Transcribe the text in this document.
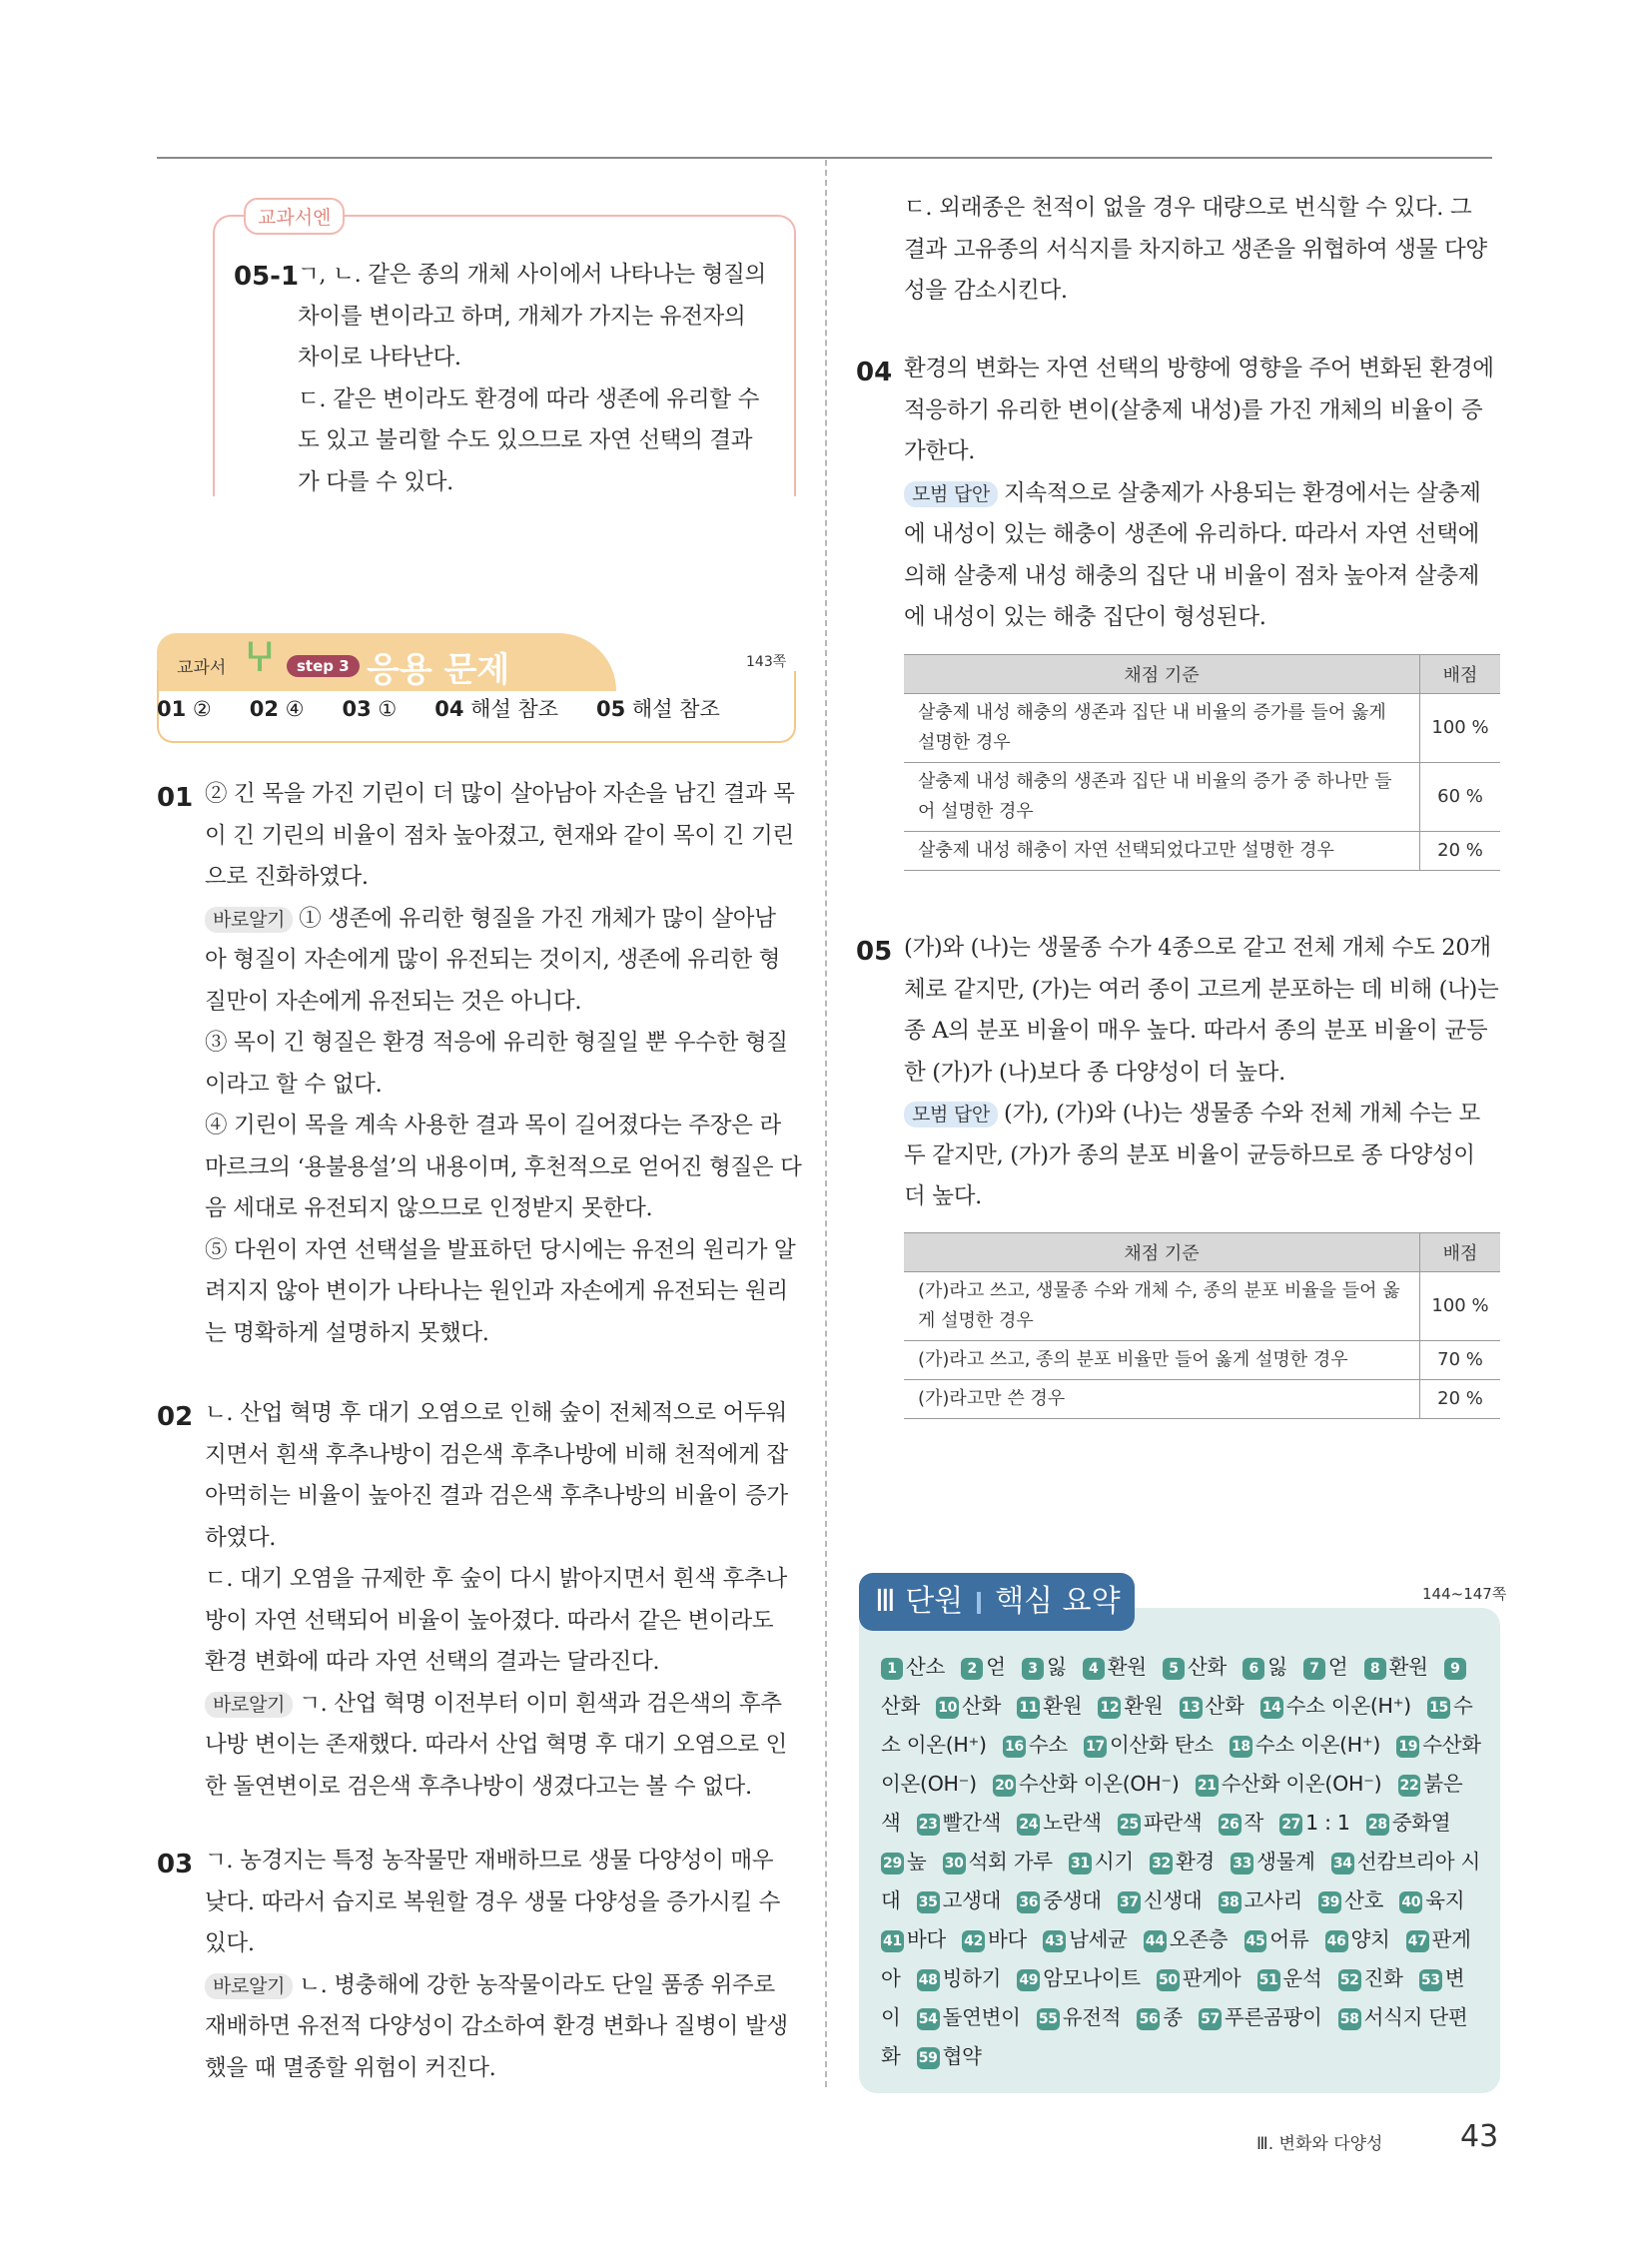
교과서엔
05-1

ㄱ, ㄴ. 같은 종의 개체 사이에서 나타나는 형질의

차이를 변이라고 하며, 개체가 가지는 유전자의

차이로 나타난다.

ㄷ. 같은 변이라도 환경에 따라 생존에 유리할 수

도 있고 불리할 수도 있으므로 자연 선택의 결과

가 다를 수 있다.

교과서 ⵖ	step 3 응용 문제	143쪽
01 ② 02 ④ 03 ① 04 해설 참조 05 해설 참조
01 ② 긴 목을 가진 기린이 더 많이 살아남아 자손을 남긴 결과 목

이 긴 기린의 비율이 점차 높아졌고, 현재와 같이 목이 긴 기린

으로 진화하였다.

바로알기 ① 생존에 유리한 형질을 가진 개체가 많이 살아남

아 형질이 자손에게 많이 유전되는 것이지, 생존에 유리한 형

질만이 자손에게 유전되는 것은 아니다.

③ 목이 긴 형질은 환경 적응에 유리한 형질일 뿐 우수한 형질

이라고 할 수 없다.

④ 기린이 목을 계속 사용한 결과 목이 길어졌다는 주장은 라

마르크의 ‘용불용설’의 내용이며, 후천적으로 얻어진 형질은 다

음 세대로 유전되지 않으므로 인정받지 못한다.

⑤ 다윈이 자연 선택설을 발표하던 당시에는 유전의 원리가 알

려지지 않아 변이가 나타나는 원인과 자손에게 유전되는 원리

는 명확하게 설명하지 못했다.

02 ㄴ. 산업 혁명 후 대기 오염으로 인해 숲이 전체적으로 어두워

지면서 흰색 후추나방이 검은색 후추나방에 비해 천적에게 잡

아먹히는 비율이 높아진 결과 검은색 후추나방의 비율이 증가

하였다.

ㄷ. 대기 오염을 규제한 후 숲이 다시 밝아지면서 흰색 후추나

방이 자연 선택되어 비율이 높아졌다. 따라서 같은 변이라도

환경 변화에 따라 자연 선택의 결과는 달라진다.

바로알기 ㄱ. 산업 혁명 이전부터 이미 흰색과 검은색의 후추

나방 변이는 존재했다. 따라서 산업 혁명 후 대기 오염으로 인

한 돌연변이로 검은색 후추나방이 생겼다고는 볼 수 없다.

03 ㄱ. 농경지는 특정 농작물만 재배하므로 생물 다양성이 매우

낮다. 따라서 습지로 복원할 경우 생물 다양성을 증가시킬 수

있다.

바로알기 ㄴ. 병충해에 강한 농작물이라도 단일 품종 위주로

재배하면 유전적 다양성이 감소하여 환경 변화나 질병이 발생

했을 때 멸종할 위험이 커진다.

ㄷ. 외래종은 천적이 없을 경우 대량으로 번식할 수 있다. 그

결과 고유종의 서식지를 차지하고 생존을 위협하여 생물 다양

성을 감소시킨다.

04 환경의 변화는 자연 선택의 방향에 영향을 주어 변화된 환경에

적응하기 유리한 변이(살충제 내성)를 가진 개체의 비율이 증

가한다.

모범 답안 지속적으로 살충제가 사용되는 환경에서는 살충제

에 내성이 있는 해충이 생존에 유리하다. 따라서 자연 선택에

의해 살충제 내성 해충의 집단 내 비율이 점차 높아져 살충제

에 내성이 있는 해충 집단이 형성된다.

채점 기준	배점
살충제 내성 해충의 생존과 집단 내 비율의 증가를 들어 옳게 설명한 경우	100 %
살충제 내성 해충의 생존과 집단 내 비율의 증가 중 하나만 들어 설명한 경우	60 %
살충제 내성 해충이 자연 선택되었다고만 설명한 경우	20 %
05 (가)와 (나)는 생물종 수가 4종으로 같고 전체 개체 수도 20개

체로 같지만, (가)는 여러 종이 고르게 분포하는 데 비해 (나)는

종 A의 분포 비율이 매우 높다. 따라서 종의 분포 비율이 균등

한 (가)가 (나)보다 종 다양성이 더 높다.

모범 답안 (가), (가)와 (나)는 생물종 수와 전체 개체 수는 모

두 같지만, (가)가 종의 분포 비율이 균등하므로 종 다양성이

더 높다.

채점 기준	배점
(가)라고 쓰고, 생물종 수와 개체 수, 종의 분포 비율을 들어 옳게 설명한 경우	100 %
(가)라고 쓰고, 종의 분포 비율만 들어 옳게 설명한 경우	70 %
(가)라고만 쓴 경우	20 %
Ⅲ 단원 핵심 요약	144~147쪽
1 산소 2 얻 3 잃 4 환원 5 산화 6 잃 7 얻 8 환원 9산화 10 산화 11 환원 12 환원 13 산화 14 수소 이온(H⁺) 15 수소 이온(H⁺) 16 수소 17 이산화 탄소 18 수소 이온(H⁺) 19 수산화 이온(OH⁻) 20 수산화 이온(OH⁻) 21 수산화 이온(OH⁻) 22 붉은색 23 빨간색 24 노란색 25 파란색 26 작 27 1 : 1 28 중화열 29 높 30 석회 가루 31 시기 32 환경 33 생물계 34 선캄브리아 시대 35 고생대 36 중생대 37 신생대 38 고사리 39 산호 40 육지 41 바다 42 바다 43 남세균 44 오존층 45 어류 46 양치 47 판게아 48 빙하기 49 암모나이트 50 판게아 51 운석 52 진화 53 변이 54 돌연변이 55 유전적 56 종 57 푸른곰팡이 58 서식지 단편화 59 협약
Ⅲ. 변화와 다양성	43
